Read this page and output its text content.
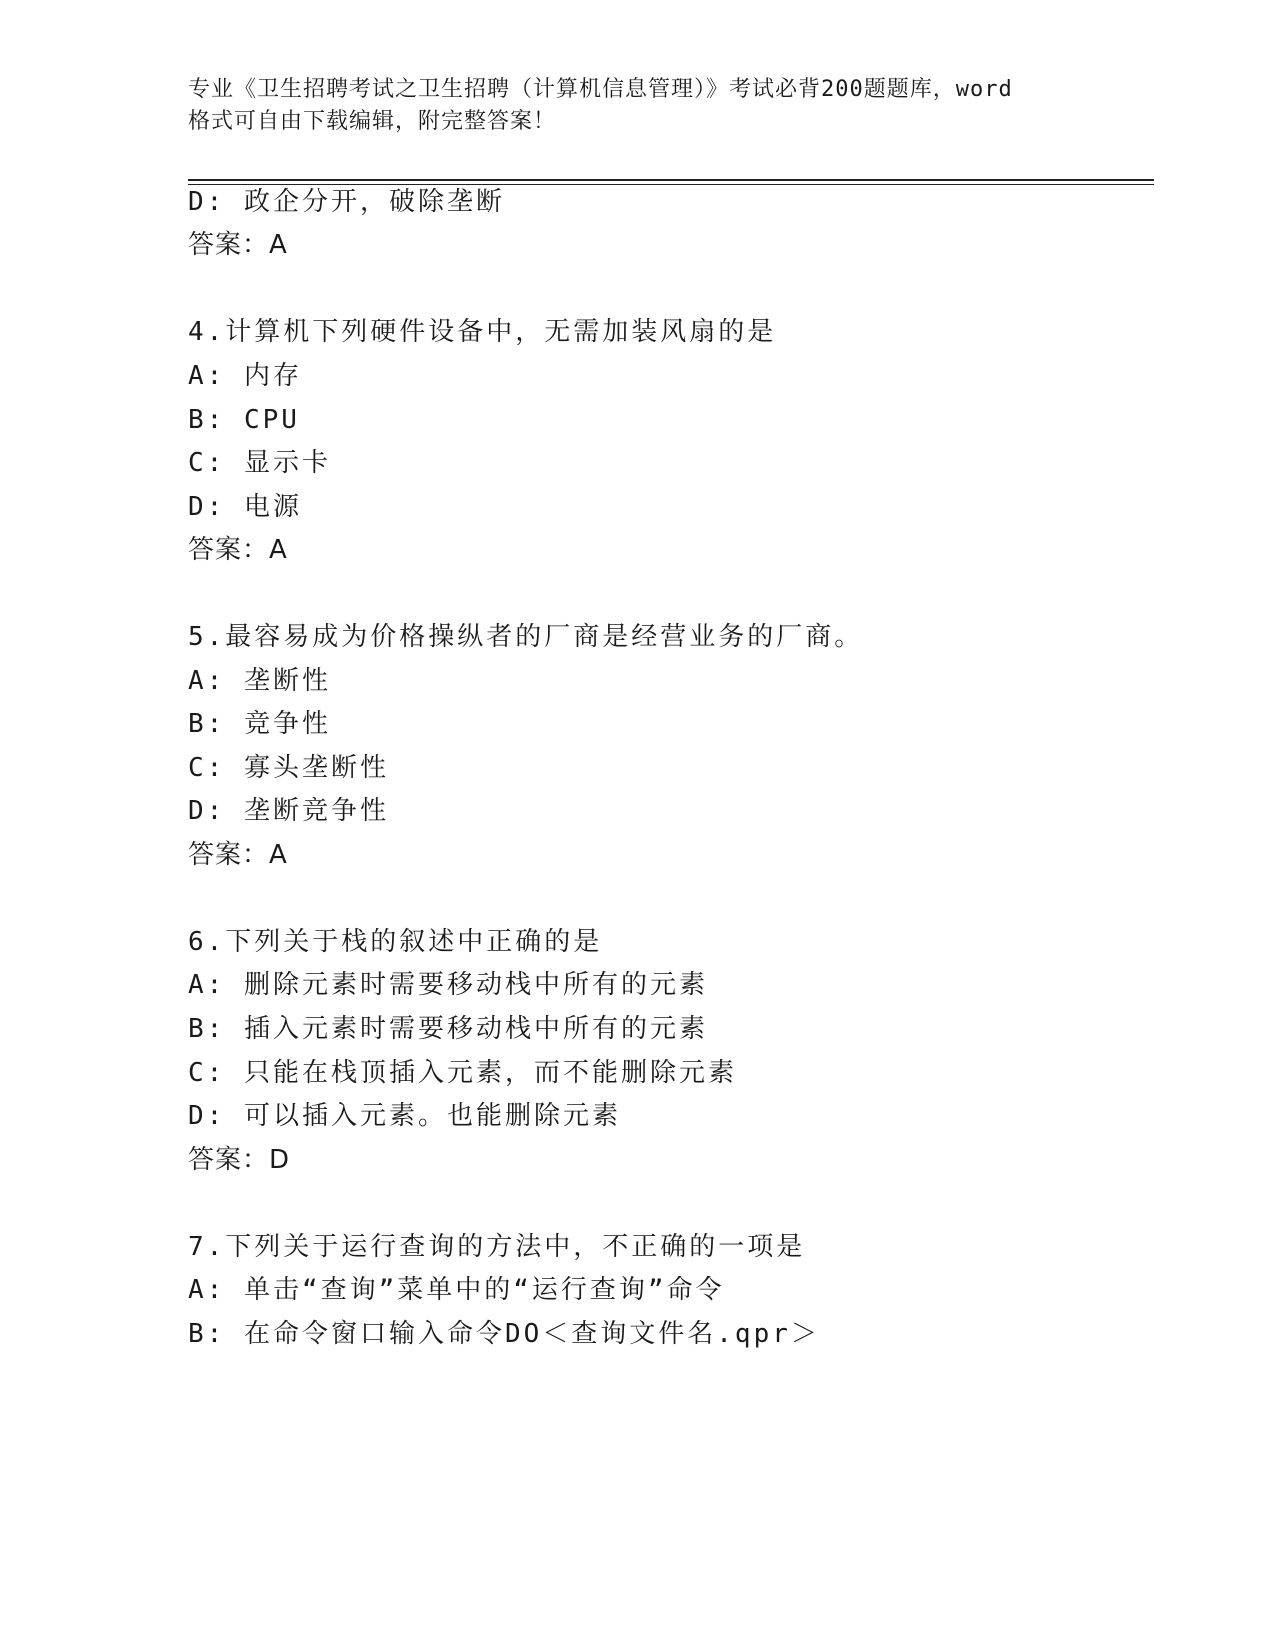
专业《卫生招聘考试之卫生招聘（计算机信息管理）》考试必背200题题库，word
格式可自由下载编辑，附完整答案！
D: 政企分开，破除垄断
答案：A
4.计算机下列硬件设备中，无需加装风扇的是
A: 内存
B: CPU
C: 显示卡
D: 电源
答案：A
5.最容易成为价格操纵者的厂商是经营业务的厂商。
A: 垄断性
B: 竞争性
C: 寡头垄断性
D: 垄断竞争性
答案：A
6.下列关于栈的叙述中正确的是
A: 删除元素时需要移动栈中所有的元素
B: 插入元素时需要移动栈中所有的元素
C: 只能在栈顶插入元素，而不能删除元素
D: 可以插入元素。也能删除元素
答案：D
7.下列关于运行查询的方法中，不正确的一项是
A: 单击“查询”菜单中的“运行查询”命令
B: 在命令窗口输入命令DO＜查询文件名.qpr＞
